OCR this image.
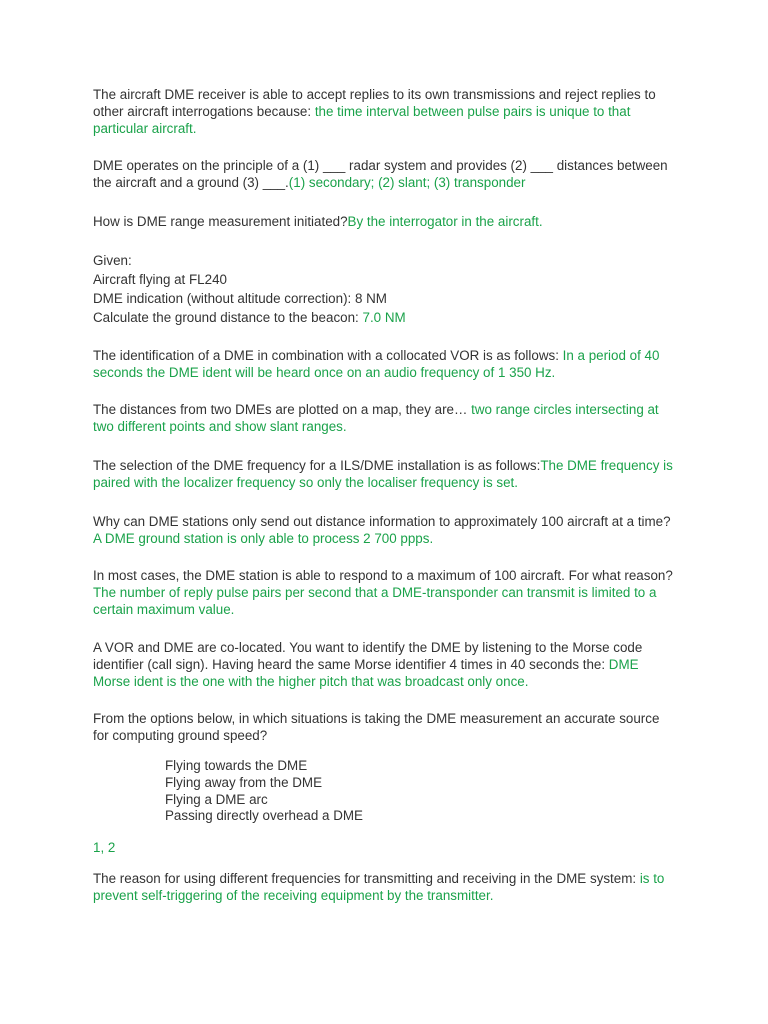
The aircraft DME receiver is able to accept replies to its own transmissions and reject replies to other aircraft interrogations because: the time interval between pulse pairs is unique to that particular aircraft.

DME operates on the principle of a (1) ___ radar system and provides (2) ___ distances between the aircraft and a ground (3) ___.(1) secondary; (2) slant; (3) transponder

How is DME range measurement initiated?By the interrogator in the aircraft.

Given:
Aircraft flying at FL240
DME indication (without altitude correction): 8 NM
Calculate the ground distance to the beacon: 7.0 NM

The identification of a DME in combination with a collocated VOR is as follows: In a period of 40 seconds the DME ident will be heard once on an audio frequency of 1 350 Hz.

The distances from two DMEs are plotted on a map, they are… two range circles intersecting at two different points and show slant ranges.

The selection of the DME frequency for a ILS/DME installation is as follows:The DME frequency is paired with the localizer frequency so only the localiser frequency is set.

Why can DME stations only send out distance information to approximately 100 aircraft at a time? A DME ground station is only able to process 2 700 ppps.

In most cases, the DME station is able to respond to a maximum of 100 aircraft. For what reason? The number of reply pulse pairs per second that a DME-transponder can transmit is limited to a certain maximum value.

A VOR and DME are co-located. You want to identify the DME by listening to the Morse code identifier (call sign). Having heard the same Morse identifier 4 times in 40 seconds the: DME Morse ident is the one with the higher pitch that was broadcast only once.

From the options below, in which situations is taking the DME measurement an accurate source for computing ground speed?

Flying towards the DME
Flying away from the DME
Flying a DME arc
Passing directly overhead a DME

1, 2

The reason for using different frequencies for transmitting and receiving in the DME system: is to prevent self-triggering of the receiving equipment by the transmitter.
